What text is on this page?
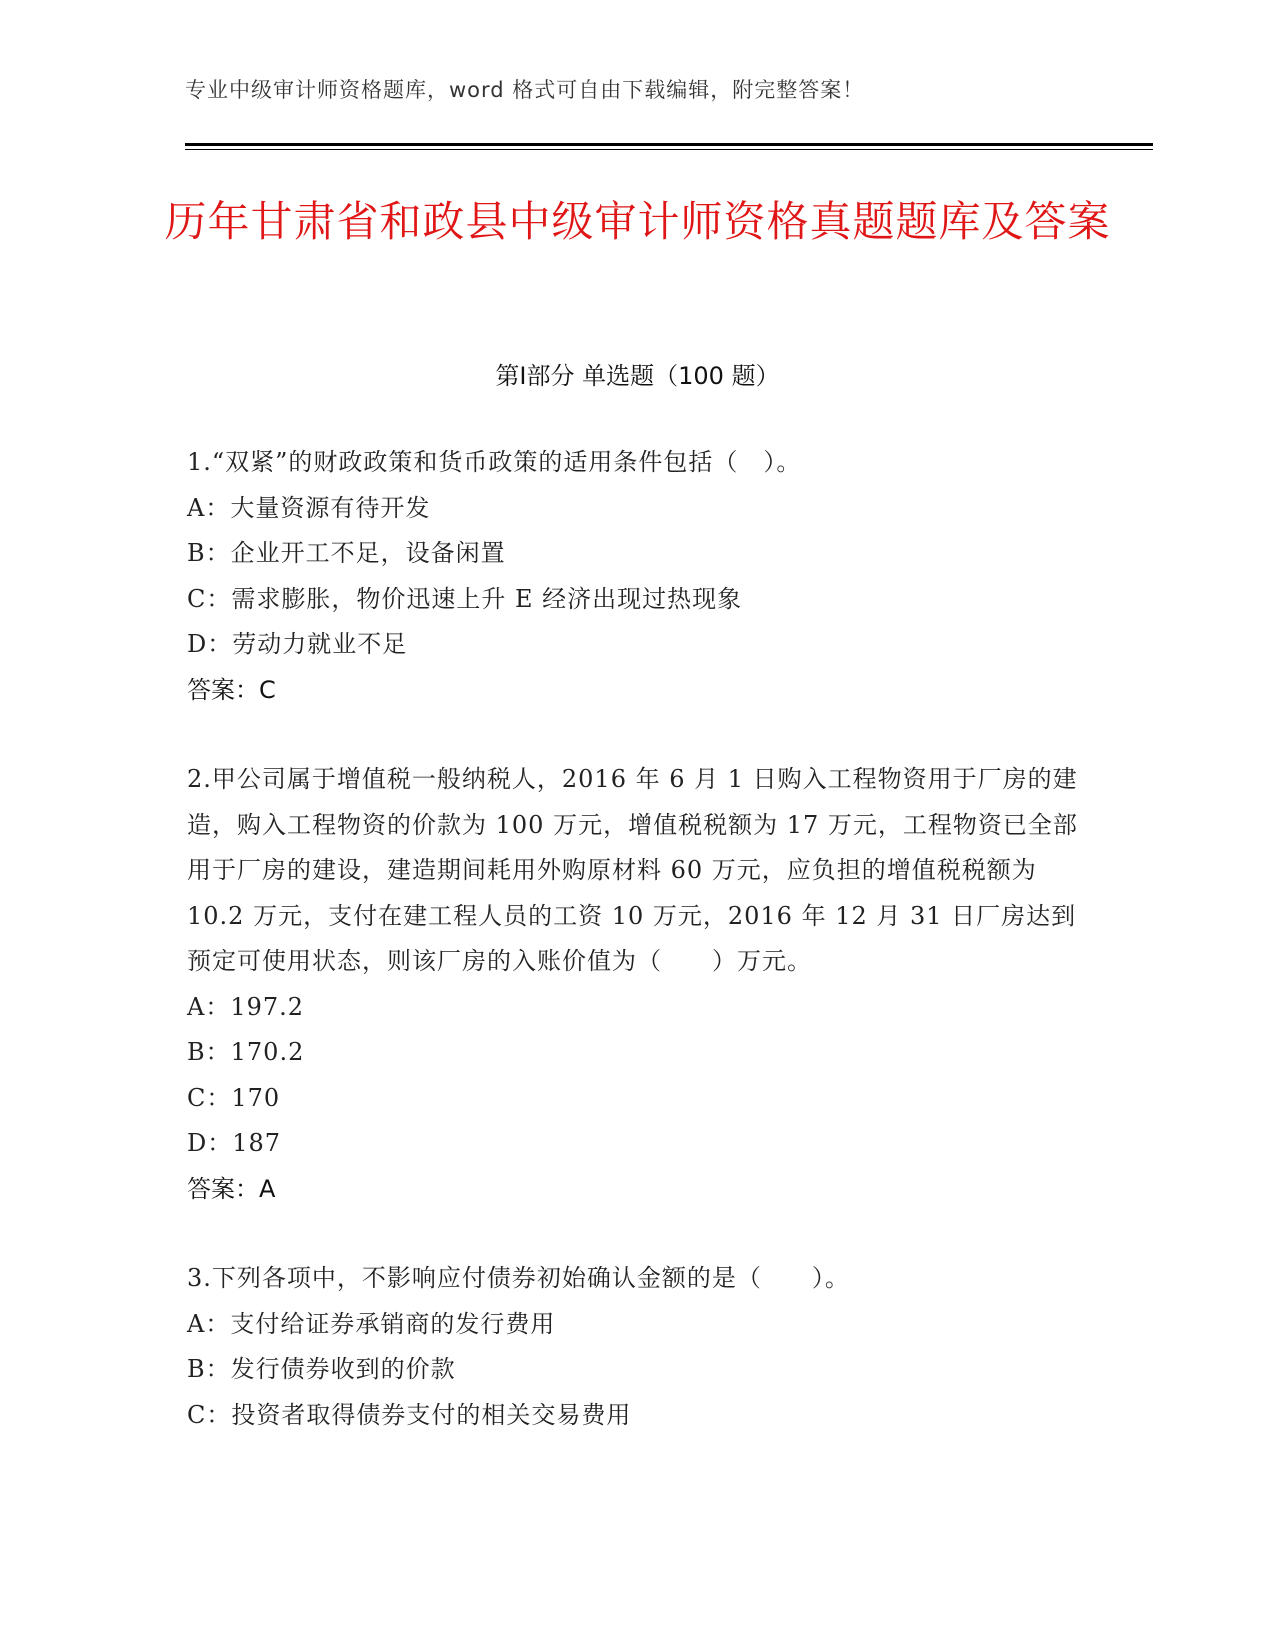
专业中级审计师资格题库，word 格式可自由下载编辑，附完整答案！
历年甘肃省和政县中级审计师资格真题题库及答案
第Ⅰ部分 单选题（100 题）

1.“双紧”的财政政策和货币政策的适用条件包括（　）。

A：大量资源有待开发

B：企业开工不足，设备闲置

C：需求膨胀，物价迅速上升 E 经济出现过热现象

D：劳动力就业不足

答案：C

2.甲公司属于增值税一般纳税人，2016 年 6 月 1 日购入工程物资用于厂房的建造，购入工程物资的价款为 100 万元，增值税税额为 17 万元，工程物资已全部用于厂房的建设，建造期间耗用外购原材料 60 万元，应负担的增值税税额为 10.2 万元，支付在建工程人员的工资 10 万元，2016 年 12 月 31 日厂房达到预定可使用状态，则该厂房的入账价值为（　　）万元。

A：197.2

B：170.2

C：170

D：187

答案：A

3.下列各项中，不影响应付债券初始确认金额的是（　　）。

A：支付给证券承销商的发行费用

B：发行债券收到的价款

C：投资者取得债券支付的相关交易费用
